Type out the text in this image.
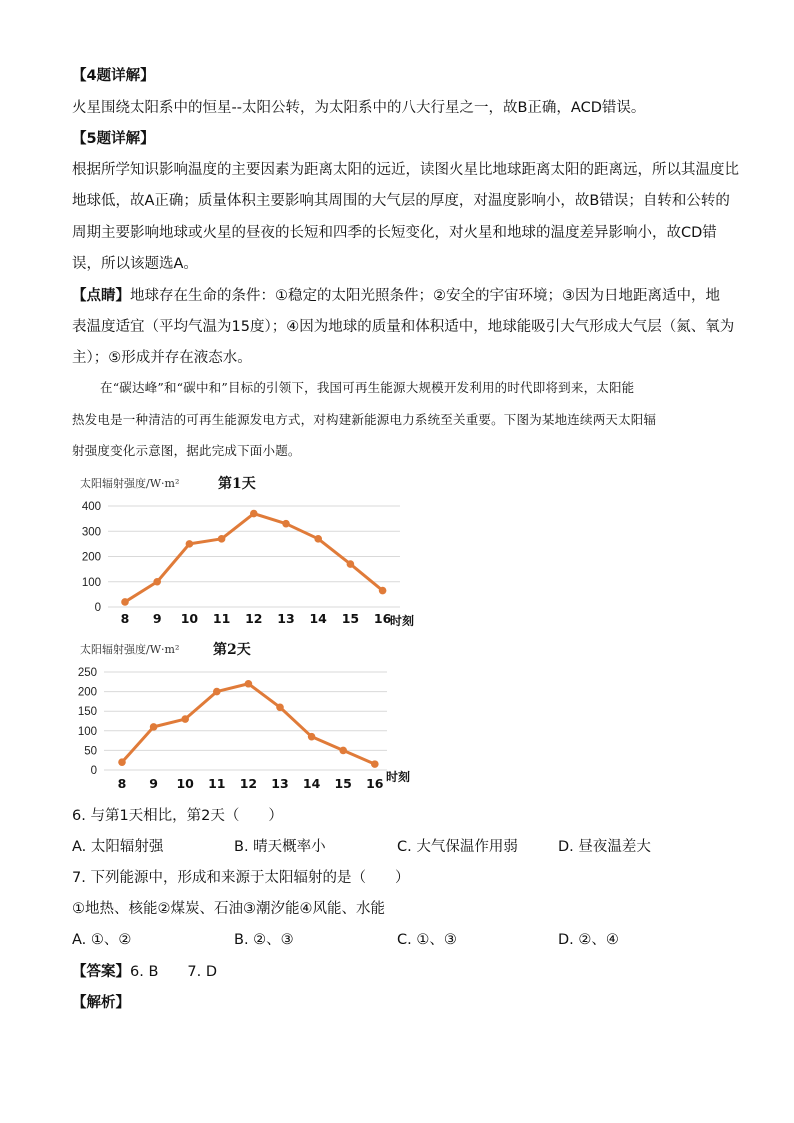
【4题详解】
火星围绕太阳系中的恒星--太阳公转，为太阳系中的八大行星之一，故B正确，ACD错误。
【5题详解】
根据所学知识影响温度的主要因素为距离太阳的远近，读图火星比地球距离太阳的距离远，所以其温度比
地球低，故A正确；质量体积主要影响其周围的大气层的厚度，对温度影响小，故B错误；自转和公转的
周期主要影响地球或火星的昼夜的长短和四季的长短变化，对火星和地球的温度差异影响小，故CD错
误，所以该题选A。
【点睛】地球存在生命的条件：①稳定的太阳光照条件；②安全的宇宙环境；③因为日地距离适中，地
表温度适宜（平均气温为15度）；④因为地球的质量和体积适中，地球能吸引大气形成大气层（氮、氧为
主）；⑤形成并存在液态水。
在“碳达峰”和“碳中和”目标的引领下，我国可再生能源大规模开发利用的时代即将到来，太阳能
热发电是一种清洁的可再生能源发电方式，对构建新能源电力系统至关重要。下图为某地连续两天太阳辐
射强度变化示意图，据此完成下面小题。
太阳辐射强度/W·m²	第1天
0
100
200
300
400
8 9 10 11 12 13 14 15 16
时刻
太阳辐射强度/W·m² 第2天
0
50
100
150
200
250
8 9 10 11 12 13 14 15 16 时刻
6. 与第1天相比，第2天（　　）
A. 太阳辐射强	B. 晴天概率小	C. 大气保温作用弱	D. 昼夜温差大
7. 下列能源中，形成和来源于太阳辐射的是（　　）
①地热、核能②煤炭、石油③潮汐能④风能、水能
A. ①、②	B. ②、③	C. ①、③	D. ②、④
【答案】6. B　　7. D
【解析】
